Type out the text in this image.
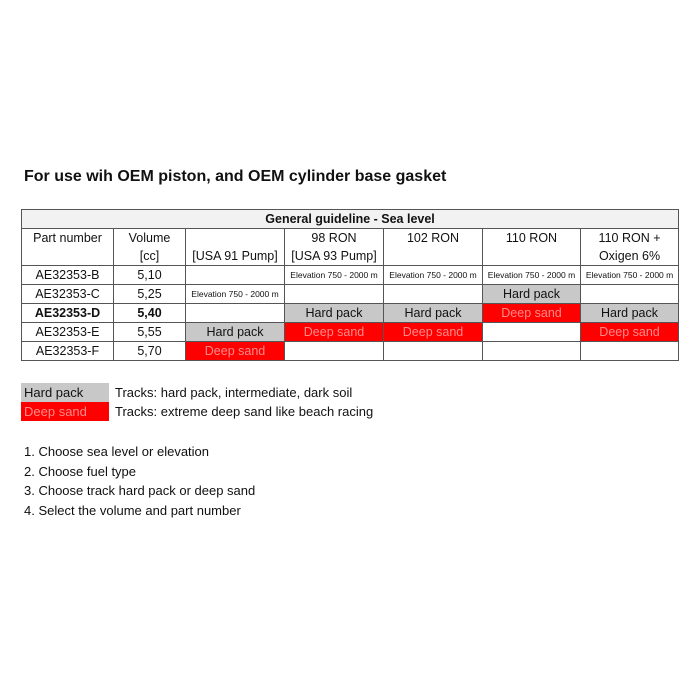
For use wih OEM piston, and OEM cylinder base gasket
General guideline - Sea level						
Part number	Volume		98 RON	102 RON	110 RON	110 RON +
	[cc]	[USA 91 Pump]	[USA 93 Pump]			Oxigen 6%
AE32353-B	5,10		Elevation 750 - 2000 m	Elevation 750 - 2000 m	Elevation 750 - 2000 m	Elevation 750 - 2000 m
AE32353-C	5,25	Elevation 750 - 2000 m			Hard pack	
AE32353-D	5,40		Hard pack	Hard pack	Deep sand	Hard pack
AE32353-E	5,55	Hard pack	Deep sand	Deep sand		Deep sand
AE32353-F	5,70	Deep sand				
Hard pack	Tracks: hard pack, intermediate, dark soil
Deep sand	Tracks: extreme deep sand like beach racing
1. Choose sea level or elevation
2. Choose fuel type
3. Choose track hard pack or deep sand
4. Select the volume and part number
